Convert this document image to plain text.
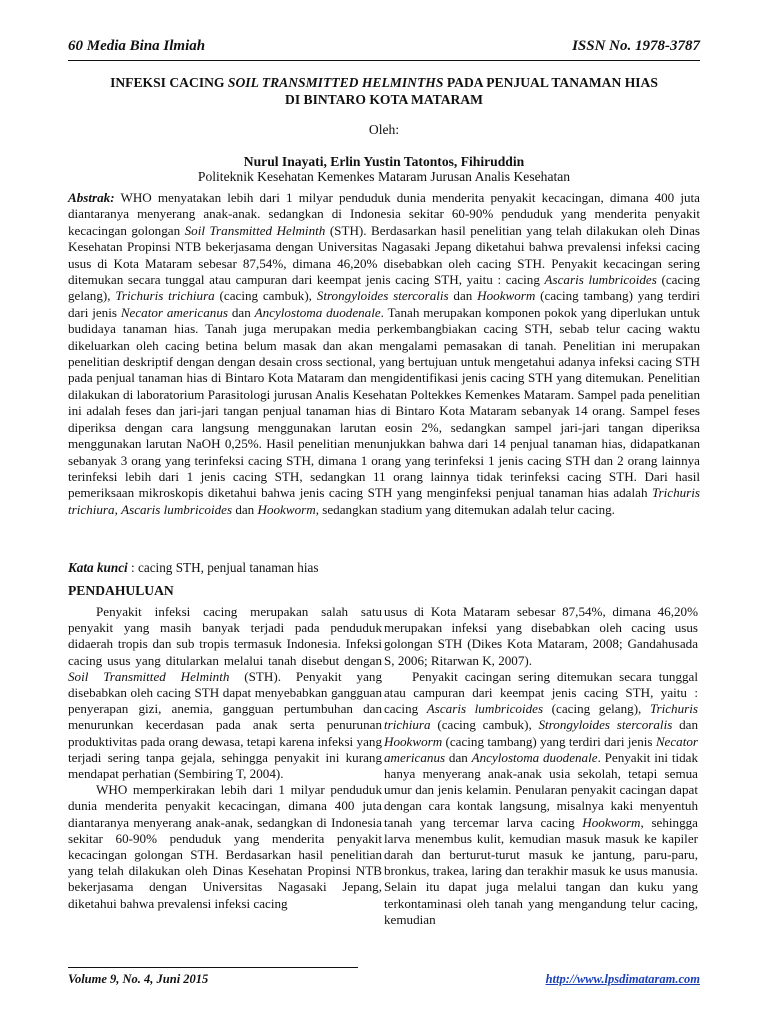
60 Media Bina Ilmiah	ISSN No. 1978-3787
INFEKSI CACING SOIL TRANSMITTED HELMINTHS PADA PENJUAL TANAMAN HIAS
DI BINTARO KOTA MATARAM
Oleh:
Nurul Inayati, Erlin Yustin Tatontos, Fihiruddin
Politeknik Kesehatan Kemenkes Mataram Jurusan Analis Kesehatan
Abstrak: WHO menyatakan lebih dari 1 milyar penduduk dunia menderita penyakit kecacingan, dimana 400 juta diantaranya menyerang anak-anak. sedangkan di Indonesia sekitar 60-90% penduduk yang menderita penyakit kecacingan golongan Soil Transmitted Helminth (STH). Berdasarkan hasil penelitian yang telah dilakukan oleh Dinas Kesehatan Propinsi NTB bekerjasama dengan Universitas Nagasaki Jepang diketahui bahwa prevalensi infeksi cacing usus di Kota Mataram sebesar 87,54%, dimana 46,20% disebabkan oleh cacing STH. Penyakit kecacingan sering ditemukan secara tunggal atau campuran dari keempat jenis cacing STH, yaitu : cacing Ascaris lumbricoides (cacing gelang), Trichuris trichiura (cacing cambuk), Strongyloides stercoralis dan Hookworm (cacing tambang) yang terdiri dari jenis Necator americanus dan Ancylostoma duodenale. Tanah merupakan komponen pokok yang diperlukan untuk budidaya tanaman hias. Tanah juga merupakan media perkembangbiakan cacing STH, sebab telur cacing waktu dikeluarkan oleh cacing betina belum masak dan akan mengalami pemasakan di tanah. Penelitian ini merupakan penelitian deskriptif dengan dengan desain cross sectional, yang bertujuan untuk mengetahui adanya infeksi cacing STH pada penjual tanaman hias di Bintaro Kota Mataram dan mengidentifikasi jenis cacing STH yang ditemukan. Penelitian dilakukan di laboratorium Parasitologi jurusan Analis Kesehatan Poltekkes Kemenkes Mataram. Sampel pada penelitian ini adalah feses dan jari-jari tangan penjual tanaman hias di Bintaro Kota Mataram sebanyak 14 orang. Sampel feses diperiksa dengan cara langsung menggunakan larutan eosin 2%, sedangkan sampel jari-jari tangan diperiksa menggunakan larutan NaOH 0,25%. Hasil penelitian menunjukkan bahwa dari 14 penjual tanaman hias, didapatkanan sebanyak 3 orang yang terinfeksi cacing STH, dimana 1 orang yang terinfeksi 1 jenis cacing STH dan 2 orang lainnya terinfeksi lebih dari 1 jenis cacing STH, sedangkan 11 orang lainnya tidak terinfeksi cacing STH. Dari hasil pemeriksaan mikroskopis diketahui bahwa jenis cacing STH yang menginfeksi penjual tanaman hias adalah Trichuris trichiura, Ascaris lumbricoides dan Hookworm, sedangkan stadium yang ditemukan adalah telur cacing.
Kata kunci : cacing STH, penjual tanaman hias
PENDAHULUAN

Penyakit infeksi cacing merupakan salah satu penyakit yang masih banyak terjadi pada penduduk didaerah tropis dan sub tropis termasuk Indonesia. Infeksi cacing usus yang ditularkan melalui tanah disebut dengan Soil Transmitted Helminth (STH). Penyakit yang disebabkan oleh cacing STH dapat menyebabkan gangguan penyerapan gizi, anemia, gangguan pertumbuhan dan menurunkan kecerdasan pada anak serta penurunan produktivitas pada orang dewasa, tetapi karena infeksi yang terjadi sering tanpa gejala, sehingga penyakit ini kurang mendapat perhatian (Sembiring T, 2004).

WHO memperkirakan lebih dari 1 milyar penduduk dunia menderita penyakit kecacingan, dimana 400 juta diantaranya menyerang anak-anak, sedangkan di Indonesia sekitar 60-90% penduduk yang menderita penyakit kecacingan golongan STH. Berdasarkan hasil penelitian yang telah dilakukan oleh Dinas Kesehatan Propinsi NTB bekerjasama dengan Universitas Nagasaki Jepang, diketahui bahwa prevalensi infeksi cacing

usus di Kota Mataram sebesar 87,54%, dimana 46,20% merupakan infeksi yang disebabkan oleh cacing usus golongan STH (Dikes Kota Mataram, 2008; Gandahusada S, 2006; Ritarwan K, 2007).

Penyakit cacingan sering ditemukan secara tunggal atau campuran dari keempat jenis cacing STH, yaitu : cacing Ascaris lumbricoides (cacing gelang), Trichuris trichiura (cacing cambuk), Strongyloides stercoralis dan Hookworm (cacing tambang) yang terdiri dari jenis Necator americanus dan Ancylostoma duodenale. Penyakit ini tidak hanya menyerang anak-anak usia sekolah, tetapi semua umur dan jenis kelamin. Penularan penyakit cacingan dapat dengan cara kontak langsung, misalnya kaki menyentuh tanah yang tercemar larva cacing Hookworm, sehingga larva menembus kulit, kemudian masuk masuk ke kapiler darah dan berturut-turut masuk ke jantung, paru-paru, bronkus, trakea, laring dan terakhir masuk ke usus manusia. Selain itu dapat juga melalui tangan dan kuku yang terkontaminasi oleh tanah yang mengandung telur cacing, kemudian

Volume 9, No. 4, Juni 2015	http://www.lpsdimataram.com
